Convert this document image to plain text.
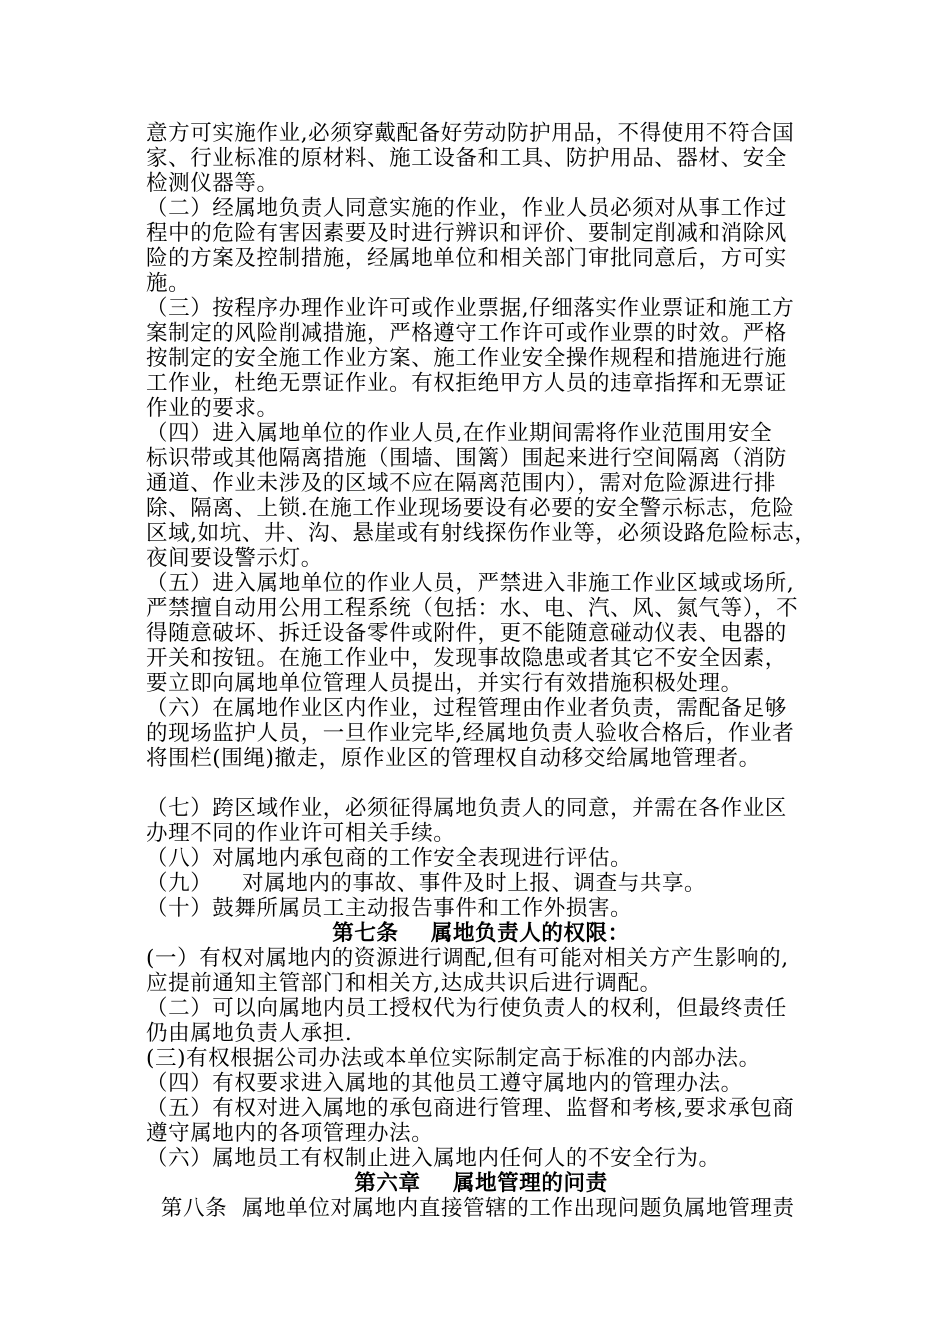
意方可实施作业,必须穿戴配备好劳动防护用品，不得使用不符合国
家、行业标准的原材料、施工设备和工具、防护用品、器材、安全
检测仪器等。
（二）经属地负责人同意实施的作业，作业人员必须对从事工作过
程中的危险有害因素要及时进行辨识和评价、要制定削减和消除风
险的方案及控制措施，经属地单位和相关部门审批同意后，方可实
施。
（三）按程序办理作业许可或作业票据,仔细落实作业票证和施工方
案制定的风险削减措施，严格遵守工作许可或作业票的时效。严格
按制定的安全施工作业方案、施工作业安全操作规程和措施进行施
工作业，杜绝无票证作业。有权拒绝甲方人员的违章指挥和无票证
作业的要求。
（四）进入属地单位的作业人员,在作业期间需将作业范围用安全
标识带或其他隔离措施（围墙、围篱）围起来进行空间隔离（消防
通道、作业未涉及的区域不应在隔离范围内），需对危险源进行排
除、隔离、上锁.在施工作业现场要设有必要的安全警示标志，危险
区域,如坑、井、沟、悬崖或有射线探伤作业等，必须设路危险标志，
夜间要设警示灯。
（五）进入属地单位的作业人员，严禁进入非施工作业区域或场所,
严禁擅自动用公用工程系统（包括：水、电、汽、风、氮气等），不
得随意破坏、拆迁设备零件或附件，更不能随意碰动仪表、电器的
开关和按钮。在施工作业中，发现事故隐患或者其它不安全因素，
要立即向属地单位管理人员提出，并实行有效措施积极处理。
（六）在属地作业区内作业，过程管理由作业者负责，需配备足够
的现场监护人员，一旦作业完毕,经属地负责人验收合格后，作业者
将围栏(围绳)撤走，原作业区的管理权自动移交给属地管理者。
（七）跨区域作业，必须征得属地负责人的同意，并需在各作业区
办理不同的作业许可相关手续。
（八）对属地内承包商的工作安全表现进行评估。
（九）    对属地内的事故、事件及时上报、调查与共享。
（十）鼓舞所属员工主动报告事件和工作外损害。
第七条    属地负责人的权限：
(一）有权对属地内的资源进行调配,但有可能对相关方产生影响的,
应提前通知主管部门和相关方,达成共识后进行调配。
（二）可以向属地内员工授权代为行使负责人的权利，但最终责任
仍由属地负责人承担.
(三)有权根据公司办法或本单位实际制定高于标准的内部办法。
（四）有权要求进入属地的其他员工遵守属地内的管理办法。
（五）有权对进入属地的承包商进行管理、监督和考核,要求承包商
遵守属地内的各项管理办法。
（六）属地员工有权制止进入属地内任何人的不安全行为。
第六章    属地管理的问责
第八条  属地单位对属地内直接管辖的工作出现问题负属地管理责
